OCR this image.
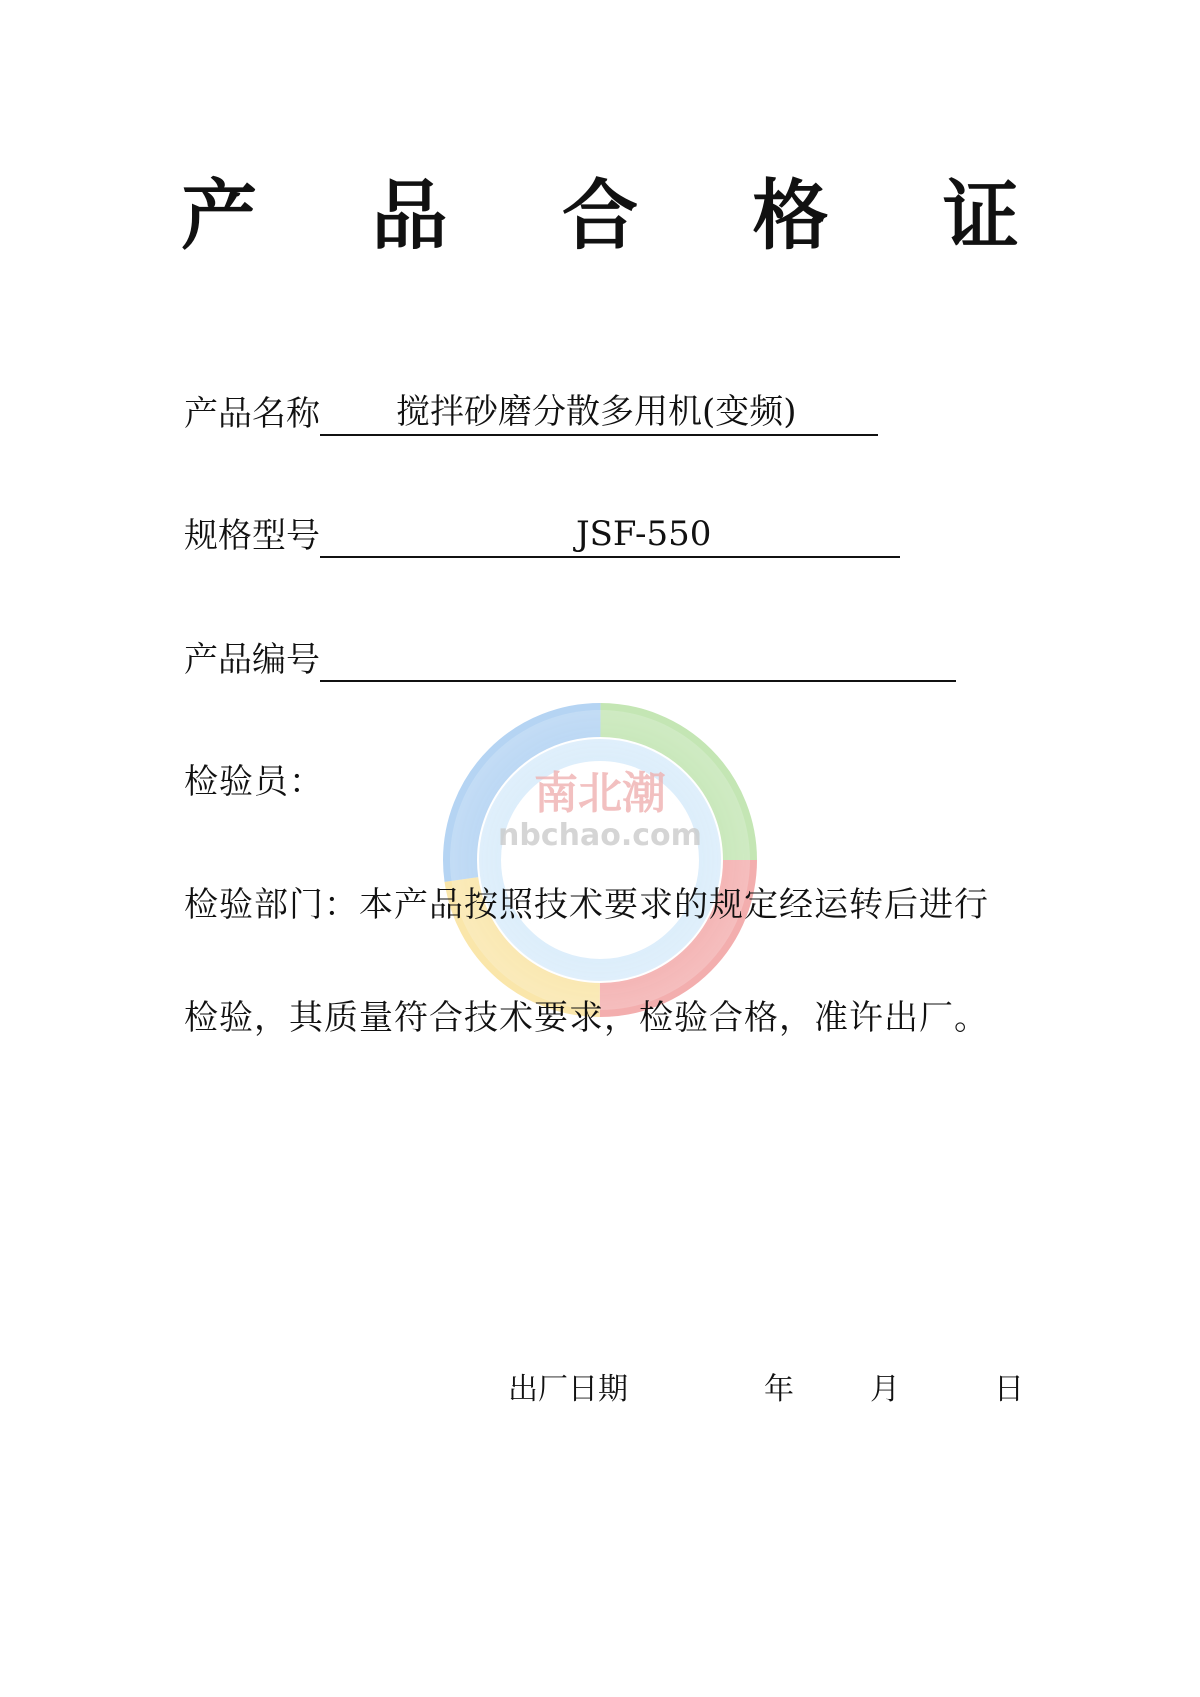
南北潮
nbchao.com
产 品 合 格 证
产品名称 搅拌砂磨分散多用机(变频)
规格型号	JSF-550
产品编号
检验员：
检验部门：本产品按照技术要求的规定经运转后进行
检验，其质量符合技术要求，检验合格，准许出厂。
出厂日期	年	月	日
